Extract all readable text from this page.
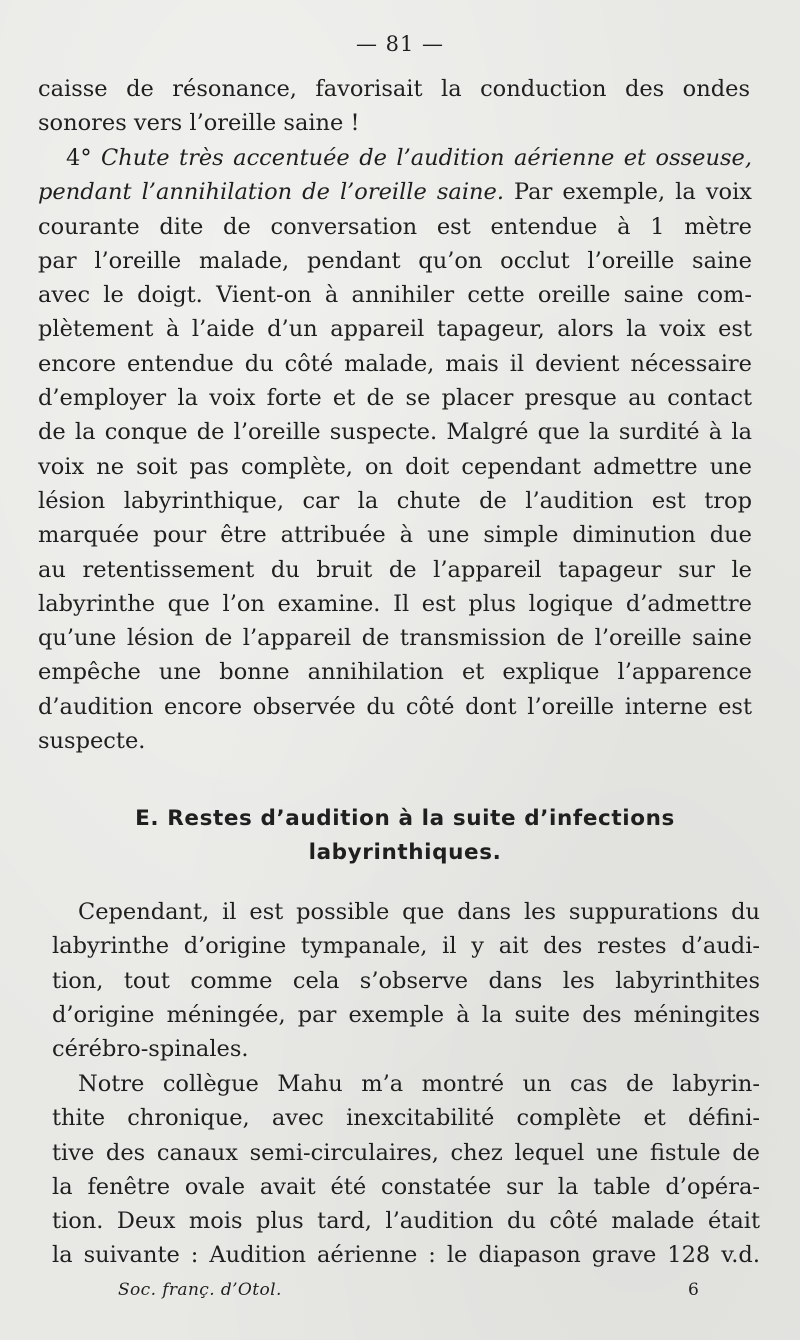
— 81 —

caisse de résonance, favorisait la conduction des ondes
sonores vers l’oreille saine !

4° Chute très accentuée de l’audition aérienne et osseuse,
pendant l’annihilation de l’oreille saine. Par exemple, la voix
courante dite de conversation est entendue à 1 mètre
par l’oreille malade, pendant qu’on occlut l’oreille saine
avec le doigt. Vient-on à annihiler cette oreille saine com-
plètement à l’aide d’un appareil tapageur, alors la voix est
encore entendue du côté malade, mais il devient nécessaire
d’employer la voix forte et de se placer presque au contact
de la conque de l’oreille suspecte. Malgré que la surdité à la
voix ne soit pas complète, on doit cependant admettre une
lésion labyrinthique, car la chute de l’audition est trop
marquée pour être attribuée à une simple diminution due
au retentissement du bruit de l’appareil tapageur sur le
labyrinthe que l’on examine. Il est plus logique d’admettre
qu’une lésion de l’appareil de transmission de l’oreille saine
empêche une bonne annihilation et explique l’apparence
d’audition encore observée du côté dont l’oreille interne est
suspecte.

E. Restes d’audition à la suite d’infections
labyrinthiques.

Cependant, il est possible que dans les suppurations du
labyrinthe d’origine tympanale, il y ait des restes d’audi-
tion, tout comme cela s’observe dans les labyrinthites
d’origine méningée, par exemple à la suite des méningites
cérébro-spinales.

Notre collègue Mahu m’a montré un cas de labyrin-
thite chronique, avec inexcitabilité complète et défini-
tive des canaux semi-circulaires, chez lequel une fistule de
la fenêtre ovale avait été constatée sur la table d’opéra-
tion. Deux mois plus tard, l’audition du côté malade était
la suivante : Audition aérienne : le diapason grave 128 v.d.

Soc. franç. d’Otol.	6
